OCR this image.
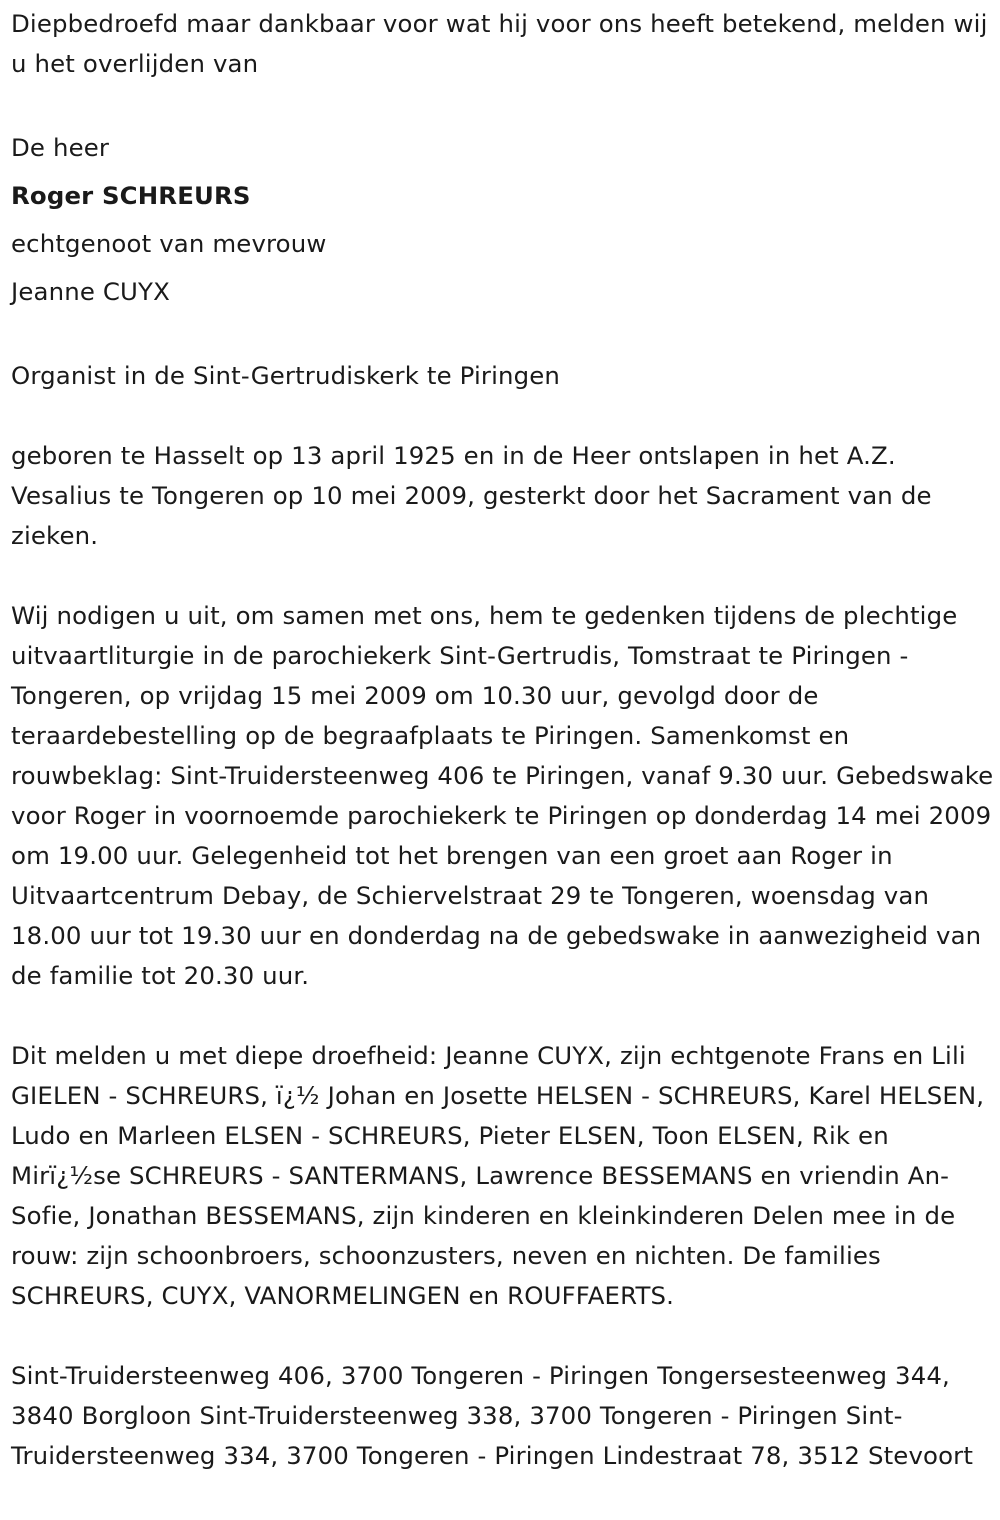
Diepbedroefd maar dankbaar voor wat hij voor ons heeft betekend, melden wij u het overlijden van

De heer

Roger SCHREURS

echtgenoot van mevrouw

Jeanne CUYX

Organist in de Sint-Gertrudiskerk te Piringen

geboren te Hasselt op 13 april 1925 en in de Heer ontslapen in het A.Z. Vesalius te Tongeren op 10 mei 2009, gesterkt door het Sacrament van de zieken.

Wij nodigen u uit, om samen met ons, hem te gedenken tijdens de plechtige uitvaartliturgie in de parochiekerk Sint-Gertrudis, Tomstraat te Piringen - Tongeren, op vrijdag 15 mei 2009 om 10.30 uur, gevolgd door de teraardebestelling op de begraafplaats te Piringen. Samenkomst en rouwbeklag: Sint-Truidersteenweg 406 te Piringen, vanaf 9.30 uur. Gebedswake voor Roger in voornoemde parochiekerk te Piringen op donderdag 14 mei 2009 om 19.00 uur. Gelegenheid tot het brengen van een groet aan Roger in Uitvaartcentrum Debay, de Schiervelstraat 29 te Tongeren, woensdag van 18.00 uur tot 19.30 uur en donderdag na de gebedswake in aanwezigheid van de familie tot 20.30 uur.

Dit melden u met diepe droefheid: Jeanne CUYX, zijn echtgenote Frans en Lili GIELEN - SCHREURS, ï¿½ Johan en Josette HELSEN - SCHREURS, Karel HELSEN, Ludo en Marleen ELSEN - SCHREURS, Pieter ELSEN, Toon ELSEN, Rik en Mirï¿½se SCHREURS - SANTERMANS, Lawrence BESSEMANS en vriendin An-Sofie, Jonathan BESSEMANS, zijn kinderen en kleinkinderen Delen mee in de rouw: zijn schoonbroers, schoonzusters, neven en nichten. De families SCHREURS, CUYX, VANORMELINGEN en ROUFFAERTS.

Sint-Truidersteenweg 406, 3700 Tongeren - Piringen Tongersesteenweg 344, 3840 Borgloon Sint-Truidersteenweg 338, 3700 Tongeren - Piringen Sint-Truidersteenweg 334, 3700 Tongeren - Piringen Lindestraat 78, 3512 Stevoort
